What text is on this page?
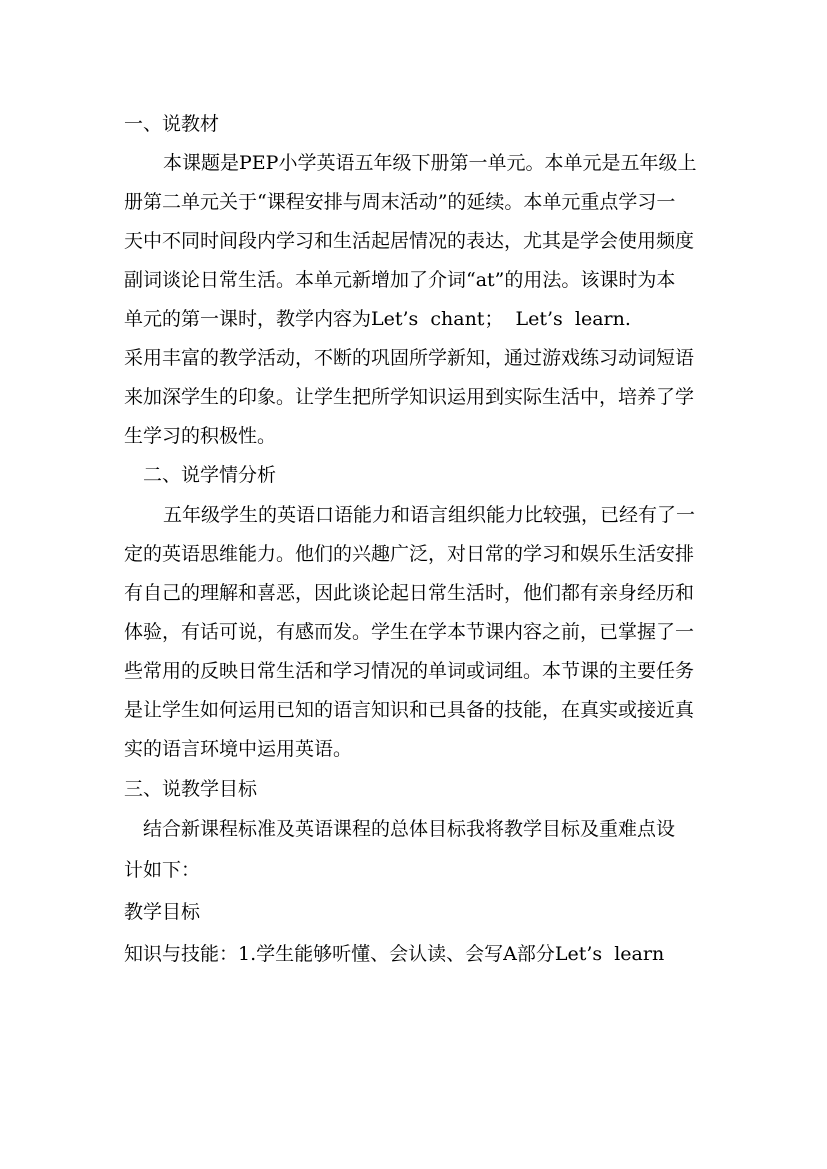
一、说教材
本课题是PEP小学英语五年级下册第一单元。本单元是五年级上
册第二单元关于“课程安排与周末活动”的延续。本单元重点学习一
天中不同时间段内学习和生活起居情况的表达，尤其是学会使用频度
副词谈论日常生活。本单元新增加了介词“at”的用法。该课时为本
单元的第一课时，教学内容为Let’s  chant；  Let’s  learn.
采用丰富的教学活动，不断的巩固所学新知，通过游戏练习动词短语
来加深学生的印象。让学生把所学知识运用到实际生活中，培养了学
生学习的积极性。
二、说学情分析
五年级学生的英语口语能力和语言组织能力比较强，已经有了一
定的英语思维能力。他们的兴趣广泛，对日常的学习和娱乐生活安排
有自己的理解和喜恶，因此谈论起日常生活时，他们都有亲身经历和
体验，有话可说，有感而发。学生在学本节课内容之前，已掌握了一
些常用的反映日常生活和学习情况的单词或词组。本节课的主要任务
是让学生如何运用已知的语言知识和已具备的技能，在真实或接近真
实的语言环境中运用英语。
三、说教学目标
结合新课程标准及英语课程的总体目标我将教学目标及重难点设
计如下：
教学目标
知识与技能：1.学生能够听懂、会认读、会写A部分Let’s  learn
